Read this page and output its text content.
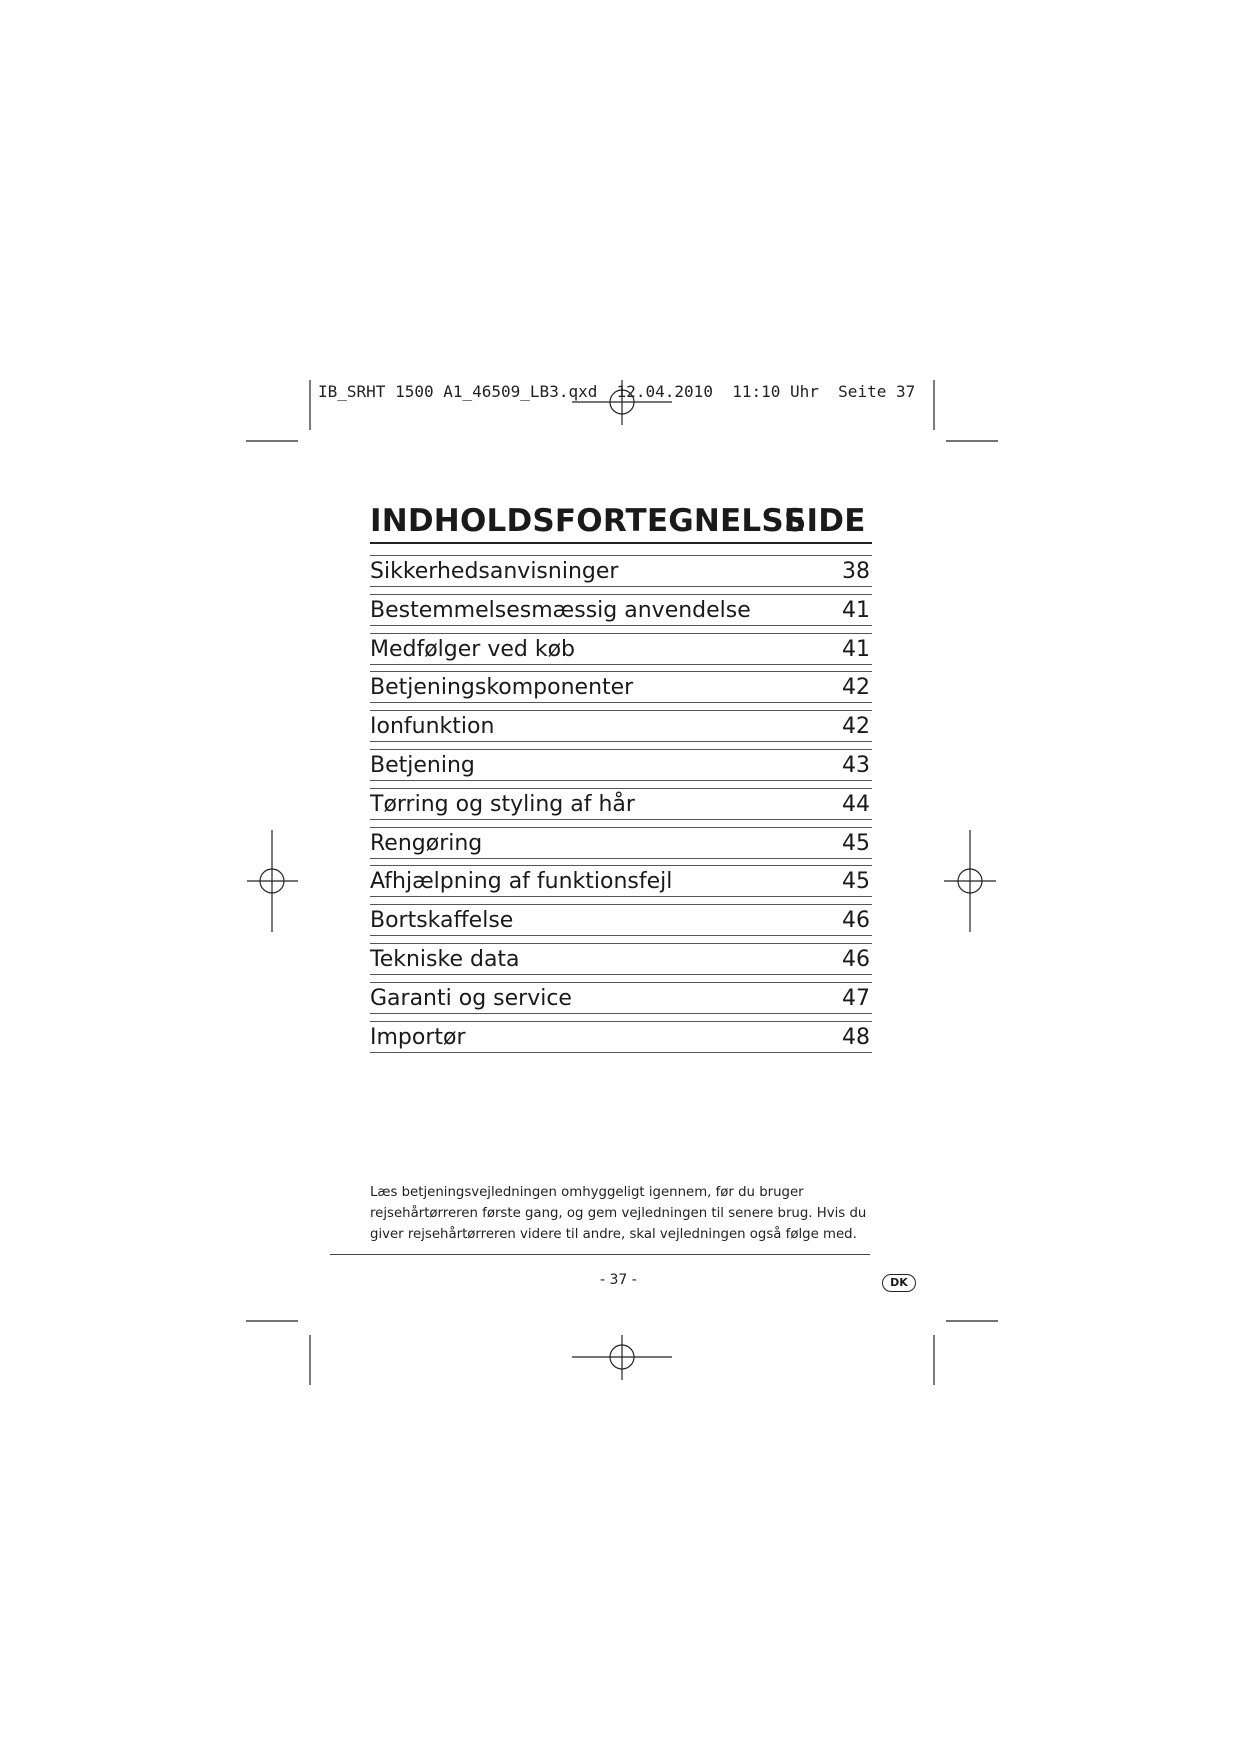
IB_SRHT 1500 A1_46509_LB3.qxd  12.04.2010  11:10 Uhr  Seite 37
INDHOLDSFORTEGNELSE
SIDE
Sikkerhedsanvisninger	38
Bestemmelsesmæssig anvendelse	41
Medfølger ved køb	41
Betjeningskomponenter	42
Ionfunktion	42
Betjening	43
Tørring og styling af hår	44
Rengøring	45
Afhjælpning af funktionsfejl	45
Bortskaffelse	46
Tekniske data	46
Garanti og service	47
Importør	48

Læs betjeningsvejledningen omhyggeligt igennem, før du bruger rejsehårtørreren første gang, og gem vejledningen til senere brug. Hvis du giver rejsehårtørreren videre til andre, skal vejledningen også følge med.

- 37 -	DK
